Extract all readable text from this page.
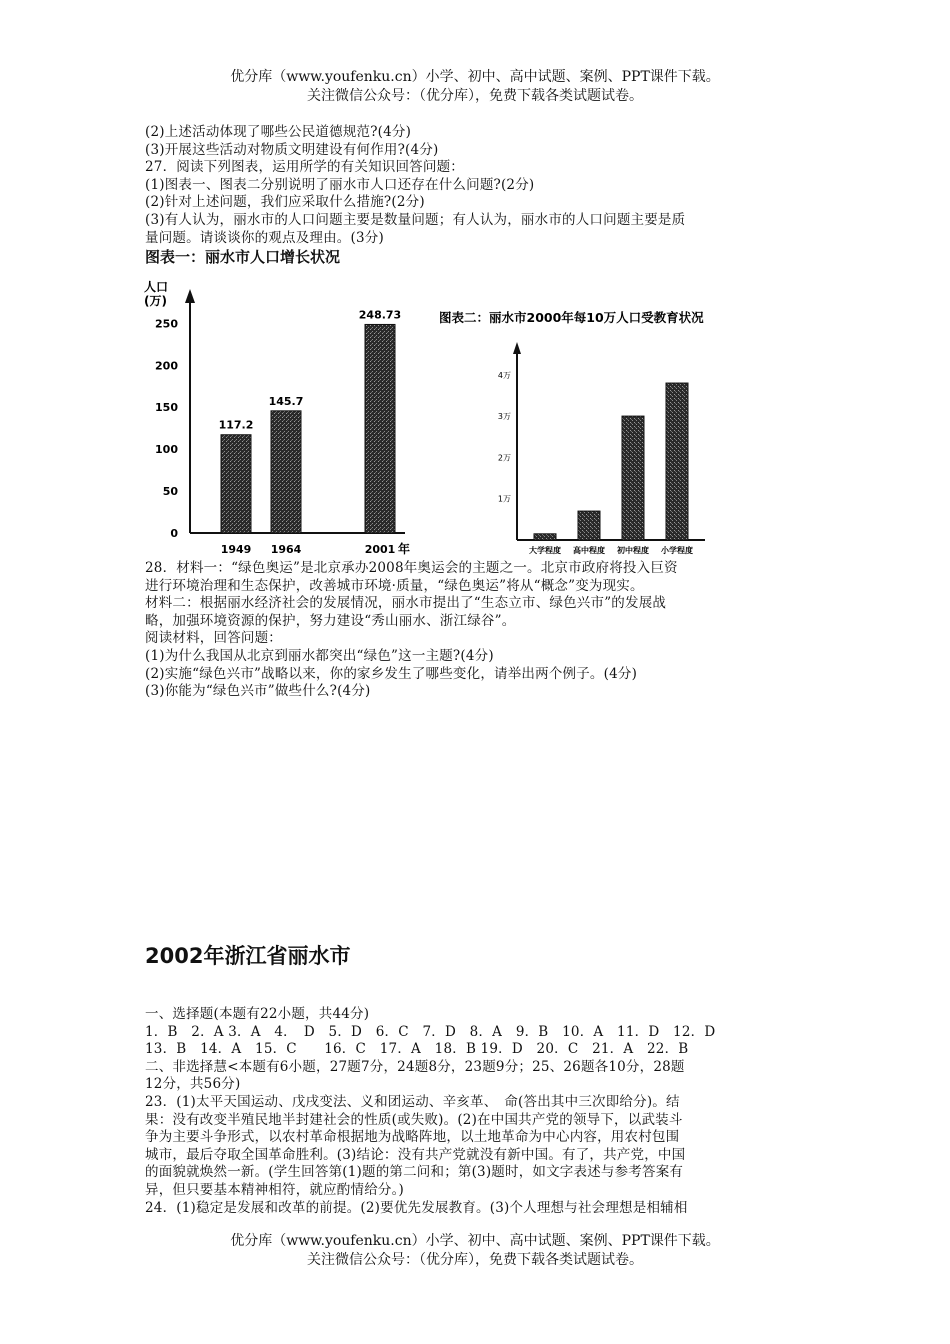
优分库（www.youfenku.cn）小学、初中、高中试题、案例、PPT课件下载。
关注微信公众号：（优分库），免费下载各类试题试卷。
(2)上述活动体现了哪些公民道德规范?(4分)
(3)开展这些活动对物质文明建设有何作用?(4分)
27．阅读下列图表，运用所学的有关知识回答问题：
(1)图表一、图表二分别说明了丽水市人口还存在什么问题?(2分)
(2)针对上述问题，我们应采取什么措施?(2分)
(3)有人认为，丽水市的人口问题主要是数量问题；有人认为，丽水市的人口问题主要是质
量问题。请谈谈你的观点及理由。(3分)
图表一：丽水市人口增长状况
人口
(万)
年
0
50
100
150
200
250
117.2
1949
145.7
1964
248.73
2001
图表二：丽水市2000年每10万人口受教育状况
1万
2万
3万
4万
大学程度 高中程度 初中程度 小学程度
28．材料一：“绿色奥运”是北京承办2008年奥运会的主题之一。北京市政府将投入巨资
进行环境治理和生态保护，改善城市环境·质量，“绿色奥运”将从“概念”变为现实。
材料二：根据丽水经济社会的发展情况，丽水市提出了“生态立市、绿色兴市”的发展战
略，加强环境资源的保护，努力建设“秀山丽水、浙江绿谷”。
阅读材料，回答问题：
(1)为什么我国从北京到丽水都突出“绿色”这一主题?(4分)
(2)实施“绿色兴市”战略以来，你的家乡发生了哪些变化，请举出两个例子。(4分)
(3)你能为“绿色兴市”做些什么?(4分)
2002年浙江省丽水市
一、选择题(本题有22小题，共44分)
1．B　2．A 3．A　4．　D　5．D　6．C　7．D　8．A　9．B　10．A　11．D　12．D
13．B　14．A　15．C　　16．C　17．A　18．B 19．D　20．C　21．A　22．B
二、非选择慧<本题有6小题，27题7分，24题8分，23题9分；25、26题各10分，28题
12分，共56分)
23．(1)太平天国运动、戊戌变法、义和团运动、辛亥革、　命(答出其中三次即给分)。结
果：没有改变半殖民地半封建社会的性质(或失败)。(2)在中国共产党的领导下，以武装斗
争为主要斗争形式，以农村革命根据地为战略阵地，以土地革命为中心内容，用农村包围
城市，最后夺取全国革命胜利。(3)结论：没有共产党就没有新中国。有了，共产党，中国
的面貌就焕然一新。(学生回答第(1)题的第二问和；第(3)题时，如文字表述与参考答案有
异，但只要基本精神相符，就应酌情给分。)
24．(1)稳定是发展和改革的前提。(2)要优先发展教育。(3)个人理想与社会理想是相辅相
优分库（www.youfenku.cn）小学、初中、高中试题、案例、PPT课件下载。
关注微信公众号：（优分库），免费下载各类试题试卷。
